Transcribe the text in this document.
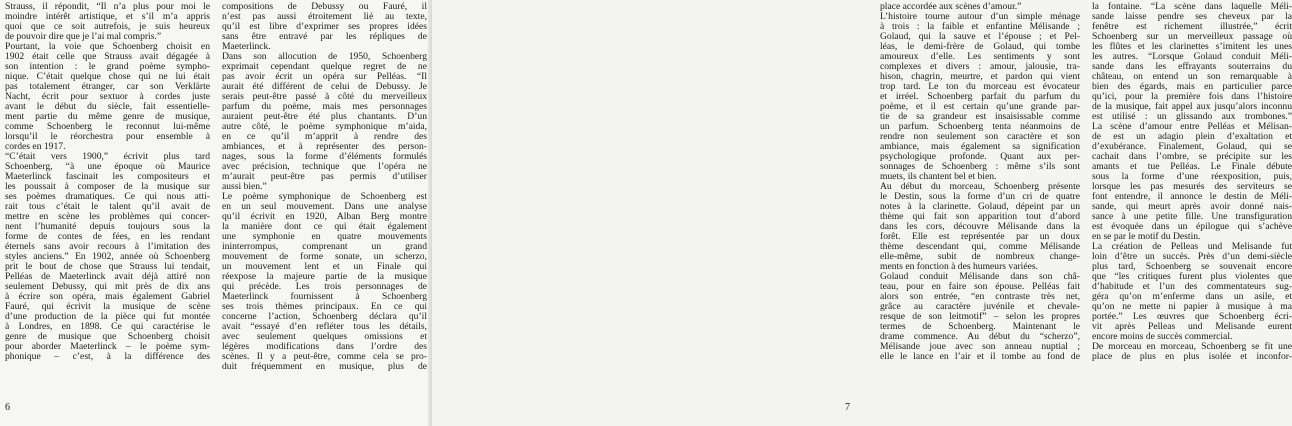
Strauss, il répondit, “Il n’a plus pour moi le
moindre intérêt artistique, et s’il m’a appris
quoi que ce soit autrefois, je suis heureux
de pouvoir dire que je l’ai mal compris.”
Pourtant, la voie que Schoenberg choisit en
1902 était celle que Strauss avait dégagée à
son intention : le grand poème sympho-
nique. C’était quelque chose qui ne lui était
pas totalement étranger, car son Verklärte
Nacht, écrit pour sextuor à cordes juste
avant le début du siècle, fait essentielle-
ment partie du même genre de musique,
comme Schoenberg le reconnut lui-même
lorsqu’il le réorchestra pour ensemble à
cordes en 1917.
“C’était vers 1900,” écrivit plus tard
Schoenberg, “à une époque où Maurice
Maeterlinck fascinait les compositeurs et
les poussait à composer de la musique sur
ses poèmes dramatiques. Ce qui nous atti-
rait tous c’était le talent qu’il avait de
mettre en scène les problèmes qui concer-
nent l’humanité depuis toujours sous la
forme de contes de fées, en les rendant
éternels sans avoir recours à l’imitation des
styles anciens.” En 1902, année où Schoenberg
prit le bout de chose que Strauss lui tendait,
Pelléas de Maeterlinck avait déjà attiré non
seulement Debussy, qui mit près de dix ans
à écrire son opéra, mais également Gabriel
Fauré, qui écrivit la musique de scène
d’une production de la pièce qui fut montée
à Londres, en 1898. Ce qui caractérise le
genre de musique que Schoenberg choisit
pour aborder Maeterlinck – le poème sym-
phonique – c’est, à la différence des
compositions de Debussy ou Fauré, il
n’est pas aussi étroitement lié au texte,
qu’il est libre d’exprimer ses propres idées
sans être entravé par les répliques de
Maeterlinck.
Dans son allocution de 1950, Schoenberg
exprimait cependant quelque regret de ne
pas avoir écrit un opéra sur Pelléas. “Il
aurait été différent de celui de Debussy. Je
serais peut-être passé à côté du merveilleux
parfum du poème, mais mes personnages
auraient peut-être été plus chantants. D’un
autre côté, le poème symphonique m’aida,
en ce qu’il m’apprit à rendre des
ambiances, et à représenter des person-
nages, sous la forme d’éléments formulés
avec précision, technique que l’opéra ne
m’aurait peut-être pas permis d’utiliser
aussi bien.”
Le poème symphonique de Schoenberg est
en un seul mouvement. Dans une analyse
qu’il écrivit en 1920, Alban Berg montre
la manière dont ce qui était également
une symphonie en quatre mouvements
ininterrompus, comprenant un grand
mouvement de forme sonate, un scherzo,
un mouvement lent et un Finale qui
réexpose la majeure partie de la musique
qui précède. Les trois personnages de
Maeterlinck fournissent à Schoenberg
ses trois thèmes principaux. En ce qui
concerne l’action, Schoenberg déclara qu’il
avait “essayé d’en refléter tous les détails,
avec seulement quelques omissions et
légères modifications dans l’ordre des
scènes. Il y a peut-être, comme cela se pro-
duit fréquemment en musique, plus de
6
place accordée aux scènes d’amour.”
L’histoire tourne autour d’un simple ménage
à trois : la faible et enfantine Mélisande ;
Golaud, qui la sauve et l’épouse ; et Pel-
léas, le demi-frère de Golaud, qui tombe
amoureux d’elle. Les sentiments y sont
complexes et divers : amour, jalousie, tra-
hison, chagrin, meurtre, et pardon qui vient
trop tard. Le ton du morceau est évocateur
et irréel. Schoenberg parfait du parfum du
poème, et il est certain qu’une grande par-
tie de sa grandeur est insaisissable comme
un parfum. Schoenberg tenta néanmoins de
rendre non seulement son caractère et son
ambiance, mais également sa signification
psychologique profonde. Quant aux per-
sonnages de Schoenberg : même s’ils sont
muets, ils chantent bel et bien.
Au début du morceau, Schoenberg présente
le Destin, sous la forme d’un cri de quatre
notes à la clarinette. Golaud, dépeint par un
thème qui fait son apparition tout d’abord
dans les cors, découvre Mélisande dans la
forêt. Elle est représentée par un doux
thème descendant qui, comme Mélisande
elle-même, subit de nombreux change-
ments en fonction à des humeurs variées.
Golaud conduit Mélisande dans son châ-
teau, pour en faire son épouse. Pelléas fait
alors son entrée, “en contraste très net,
grâce au caractère juvénile et chevale-
resque de son leitmotif” – selon les propres
termes de Schoenberg. Maintenant le
drame commence. Au début du “scherzo”,
Mélisande joue avec son anneau nuptial ;
elle le lance en l’air et il tombe au fond de
la fontaine. “La scène dans laquelle Méli-
sande laisse pendre ses cheveux par la
fenêtre est richement illustrée,” écrit
Schoenberg sur un merveilleux passage où
les flûtes et les clarinettes s’imitent les unes
les autres. “Lorsque Golaud conduit Méli-
sande dans les effrayants souterrains du
château, on entend un son remarquable à
bien des égards, mais en particulier parce
qu’ici, pour la première fois dans l’histoire
de la musique, fait appel aux jusqu’alors inconnu
est utilisé : un glissando aux trombones.”
La scène d’amour entre Pelléas et Mélisan-
de est un adagio plein d’exaltation et
d’exubérance. Finalement, Golaud, qui se
cachait dans l’ombre, se précipite sur les
amants et tue Pelléas. Le Finale débute
sous la forme d’une réexposition, puis,
lorsque les pas mesurés des serviteurs se
font entendre, il annonce le destin de Méli-
sande, qui meurt après avoir donné nais-
sance à une petite fille. Une transfiguration
est évoquée dans un épilogue qui s’achève
en se par le motif du Destin.
La création de Pelleas und Melisande fut
loin d’être un succès. Près d’un demi-siècle
plus tard, Schoenberg se souvenait encore
que “les critiques furent plus violentes que
d’habitude et l’un des commentateurs sug-
géra qu’on m’enferme dans un asile, et
qu’on ne mette ni papier à musique à ma
portée.” Les œuvres que Schoenberg écri-
vit après Pelleas und Melisande eurent
encore moins de succès commercial.
De morceau en morceau, Schoenberg se fit une
place de plus en plus isolée et inconfor-
7
